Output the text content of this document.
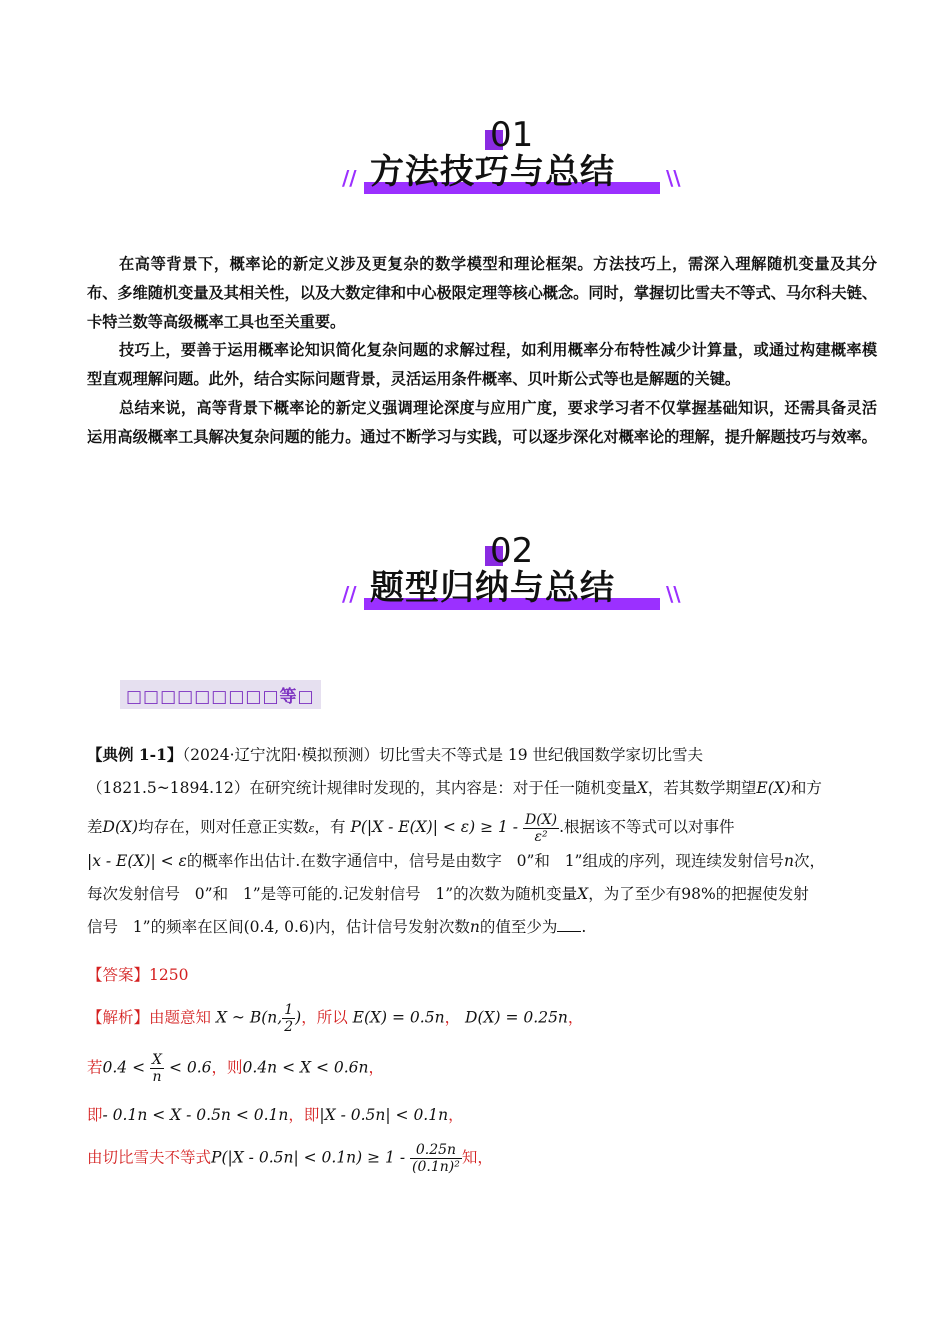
01
方法技巧与总结
//	\\

在高等背景下，概率论的新定义涉及更复杂的数学模型和理论框架。方法技巧上，需深入理解随机变量及其分布、多维随机变量及其相关性，以及大数定律和中心极限定理等核心概念。同时，掌握切比雪夫不等式、马尔科夫链、卡特兰数等高级概率工具也至关重要。

技巧上，要善于运用概率论知识简化复杂问题的求解过程，如利用概率分布特性减少计算量，或通过构建概率模型直观理解问题。此外，结合实际问题背景，灵活运用条件概率、贝叶斯公式等也是解题的关键。

总结来说，高等背景下概率论的新定义强调理论深度与应用广度，要求学习者不仅掌握基础知识，还需具备灵活运用高级概率工具解决复杂问题的能力。通过不断学习与实践，可以逐步深化对概率论的理解，提升解题技巧与效率。

02
题型归纳与总结
//	\\
□□□□□□□□□等□
【典例 1-1】（2024·辽宁沈阳·模拟预测）切比雪夫不等式是 19 世纪俄国数学家切比雪夫
（1821.5~1894.12）在研究统计规律时发现的，其内容是：对于任一随机变量X，若其数学期望E(X)和方
差D(X)均存在，则对任意正实数ε，有 $P(|X - E(X)| < \varepsilon) \ge 1 - \frac{D(X)}{\text{ε²}}$ .根据该不等式可以对事件
|x - E(X)| < ε的概率作出估计.在数字通信中，信号是由数字 0”和 1”组成的序列，现连续发射信号n次，
每次发射信号 0”和 1”是等可能的.记发射信号 1”的次数为随机变量X，为了至少有98%的把握使发射
信号 1”的频率在区间(0.4, 0.6)内，估计信号发射次数n的值至少为 .
【答案】1250
【解析】由题意知 X ~ B(n, $\frac{1}{2}$ )，所以 E(X) = 0.5n， D(X) = 0.25n，
若$0.4 < \frac{X}{n} < 0.6$，则0.4n < X < 0.6n，
即- 0.1n < X - 0.5n < 0.1n，即|X - 0.5n| < 0.1n，
由切比雪夫不等式$P(|X - 0.5n| < 0.1n) \ge 1 - \frac{0.25n}{\text{(0.1n)²}}$ 知，
